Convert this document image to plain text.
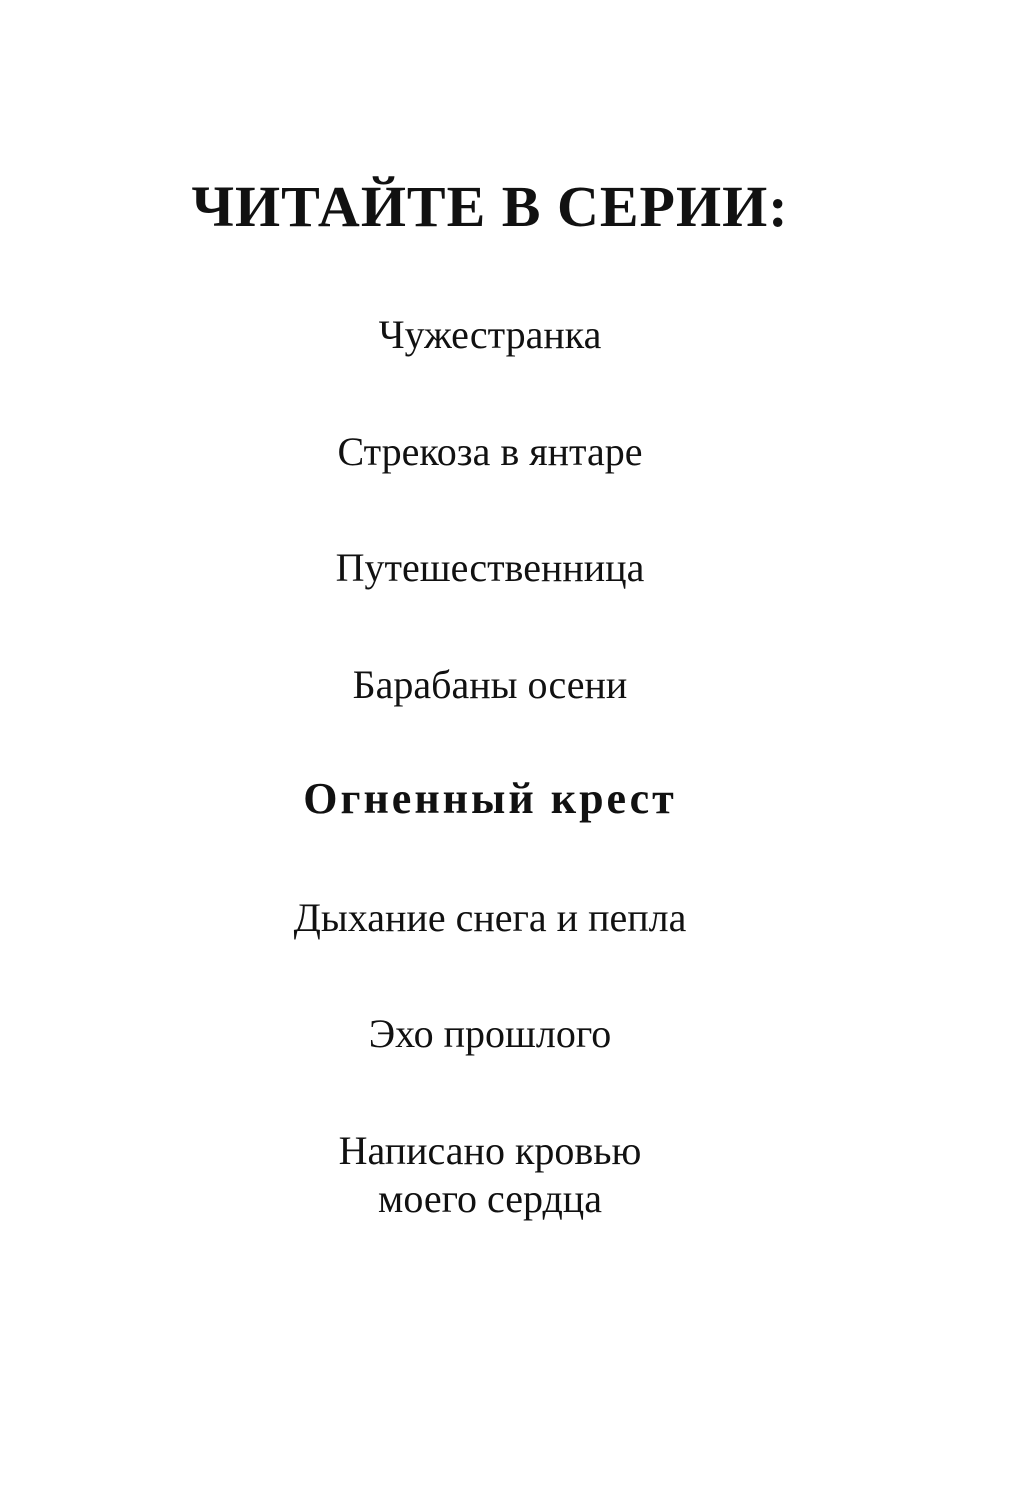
ЧИТАЙТЕ В СЕРИИ:

Чужестранка

Стрекоза в янтаре

Путешественница

Барабаны осени

Огненный крест

Дыхание снега и пепла

Эхо прошлого

Написано кровью
моего сердца
